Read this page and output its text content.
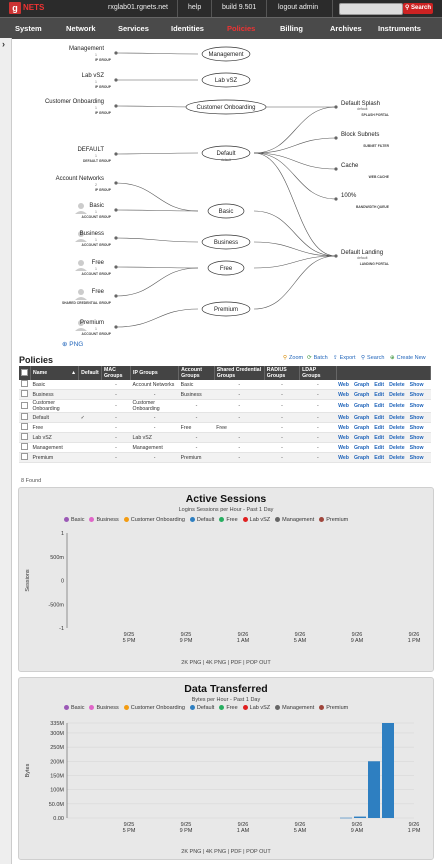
g NETS	rxglab01.rgnets.net	help	build 9.501	logout admin	⚲ Search
System	Network	Services	Identities	Policies	Billing	Archives Instruments
›	Management
1
IP GROUP
Lab vSZ
1
IP GROUP
Customer Onboarding
1
IP GROUP
DEFAULT
1
DEFAULT GROUP
Account Networks
2
IP GROUP
Basic
1
ACCOUNT GROUP
Business
1
ACCOUNT GROUP
Free
1
ACCOUNT GROUP
Free
SHARED CREDENTIAL GROUP
Premium
1
ACCOUNT GROUP
Management
Lab vSZ
Customer Onboarding
Default
default
Basic
Business
Free
Premium
Default Splash
default
SPLASH PORTAL
Block Subnets
SUBNET FILTER
Cache
WEB CACHE
100%
BANDWIDTH QUEUE
Default Landing
default
LANDING PORTAL
⊕ PNG
Policies	⚲ Zoom ⟳ Batch ⇪ Export ⚲ Search ⊕ Create New
	Name ▲	Default	MAC Groups	IP Groups	Account Groups	Shared Credential Groups	RADIUS Groups	LDAP Groups	
	Basic		-	Account Networks	Basic	-	-	-	Web Graph Edit Delete Show
	Business		-	-	Business	-	-	-	Web Graph Edit Delete Show
	Customer Onboarding		-	Customer Onboarding	-	-	-	-	Web Graph Edit Delete Show
	Default	✓	-	-	-	-	-	-	Web Graph Edit Delete Show
	Free		-	-	Free	Free	-	-	Web Graph Edit Delete Show
	Lab vSZ		-	Lab vSZ	-	-	-	-	Web Graph Edit Delete Show
	Management		-	Management	-	-	-	-	Web Graph Edit Delete Show
	Premium		-	-	Premium	-	-	-	Web Graph Edit Delete Show
8 Found
Active Sessions
Logins Sessions per Hour - Past 1 Day
Basic Business Customer Onboarding Default Free Lab vSZ Management Premium
1
500m
0
-500m
-1
Sessions
9/25
5 PM
9/25
9 PM
9/26
1 AM
9/26
5 AM
9/26
9 AM
9/26
1 PM
2K PNG | 4K PNG | PDF | POP OUT
Data Transferred
Bytes per Hour - Past 1 Day
Basic Business Customer Onboarding Default Free Lab vSZ Management Premium
335M
300M
250M
200M
150M
100M
50.0M
0.00
Bytes
9/25
5 PM
9/25
9 PM
9/26
1 AM
9/26
5 AM
9/26
9 AM
9/26
1 PM
2K PNG | 4K PNG | PDF | POP OUT
